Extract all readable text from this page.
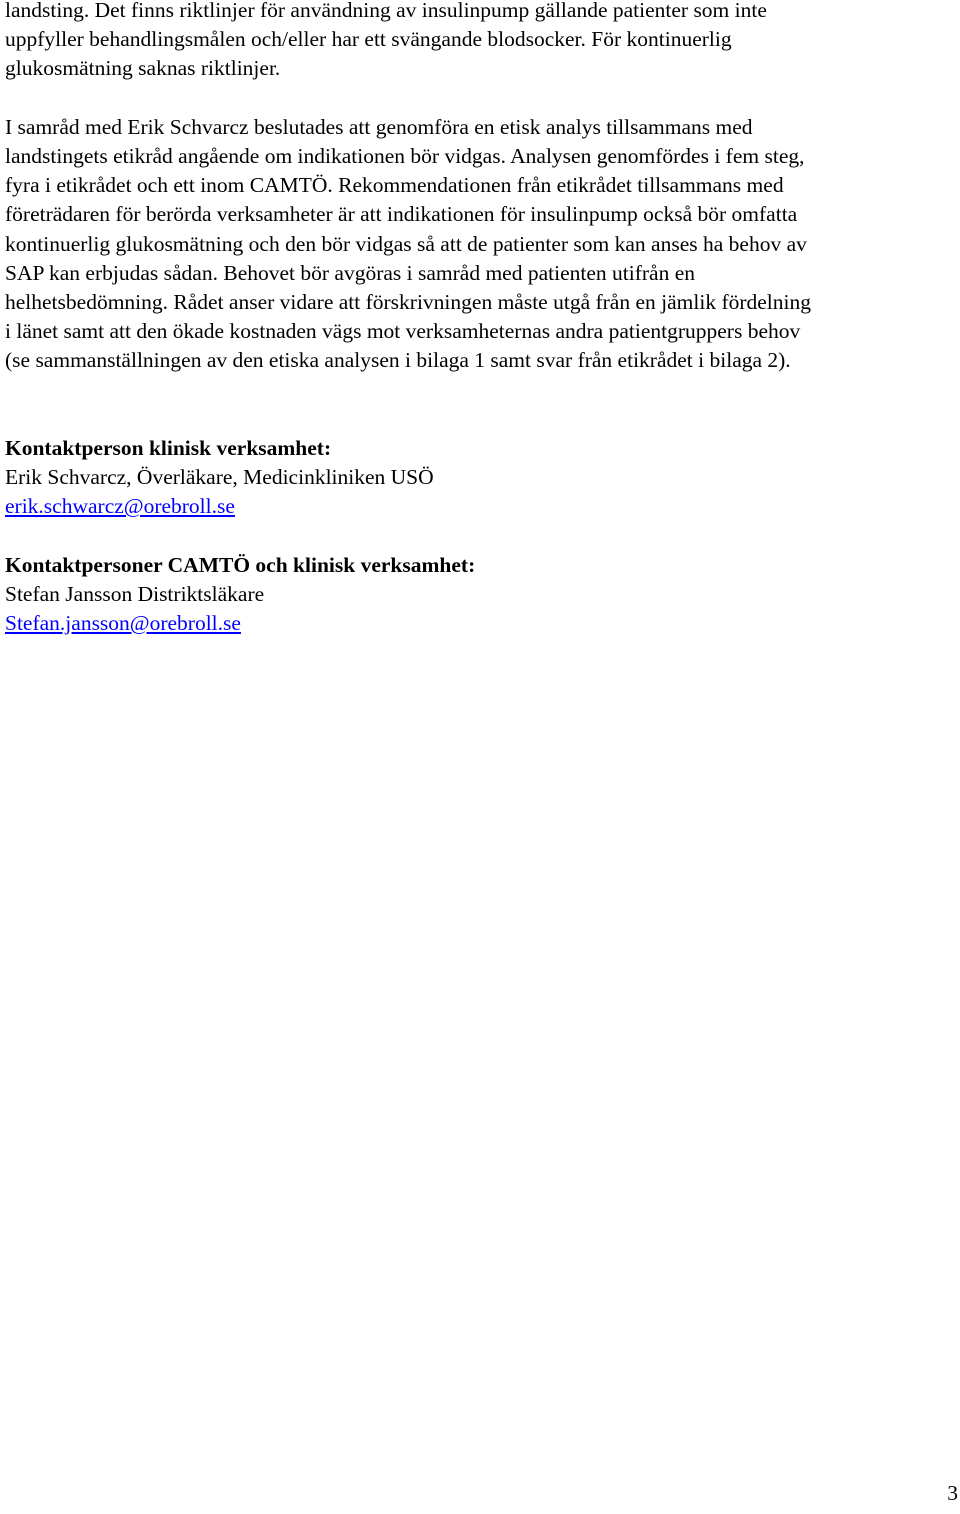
landsting. Det finns riktlinjer för användning av insulinpump gällande patienter som inte
uppfyller behandlingsmålen och/eller har ett svängande blodsocker. För kontinuerlig
glukosmätning saknas riktlinjer.
I samråd med Erik Schvarcz beslutades att genomföra en etisk analys tillsammans med
landstingets etikråd angående om indikationen bör vidgas. Analysen genomfördes i fem steg,
fyra i etikrådet och ett inom CAMTÖ. Rekommendationen från etikrådet tillsammans med
företrädaren för berörda verksamheter är att indikationen för insulinpump också bör omfatta
kontinuerlig glukosmätning och den bör vidgas så att de patienter som kan anses ha behov av
SAP kan erbjudas sådan. Behovet bör avgöras i samråd med patienten utifrån en
helhetsbedömning. Rådet anser vidare att förskrivningen måste utgå från en jämlik fördelning
i länet samt att den ökade kostnaden vägs mot verksamheternas andra patientgruppers behov
(se sammanställningen av den etiska analysen i bilaga 1 samt svar från etikrådet i bilaga 2).
Kontaktperson klinisk verksamhet:
Erik Schvarcz, Överläkare, Medicinkliniken USÖ
erik.schwarcz@orebroll.se
Kontaktpersoner CAMTÖ och klinisk verksamhet:
Stefan Jansson Distriktsläkare
Stefan.jansson@orebroll.se
3
